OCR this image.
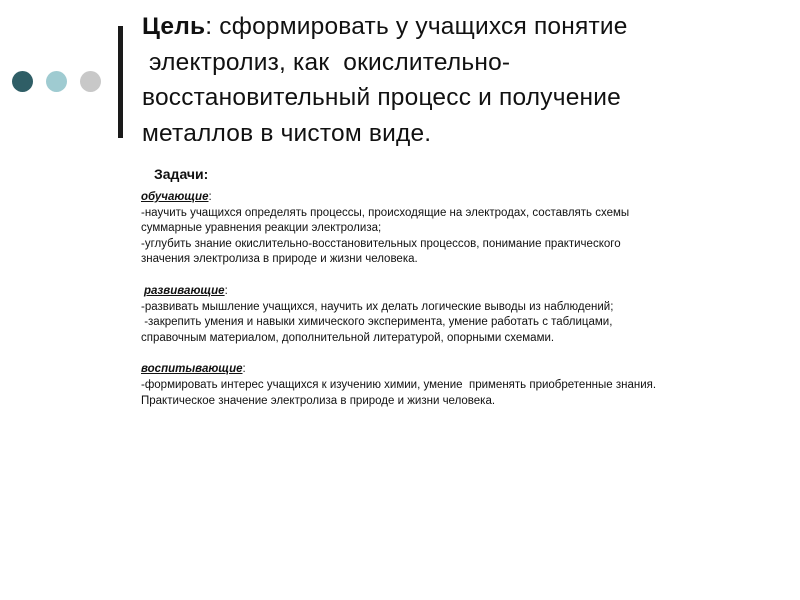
Цель: сформировать у учащихся понятие
электролиз, как  окислительно-
восстановительный процесс и получение
металлов в чистом виде.
Задачи:
обучающие:
-научить учащихся определять процессы, происходящие на электродах, составлять схемы
суммарные уравнения реакции электролиза;
-углубить знание окислительно-восстановительных процессов, понимание практического
значения электролиза в природе и жизни человека.
развивающие:
-развивать мышление учащихся, научить их делать логические выводы из наблюдений;
-закрепить умения и навыки химического эксперимента, умение работать с таблицами,
справочным материалом, дополнительной литературой, опорными схемами.
воспитывающие:
-формировать интерес учащихся к изучению химии, умение  применять приобретенные знания.
Практическое значение электролиза в природе и жизни человека.
